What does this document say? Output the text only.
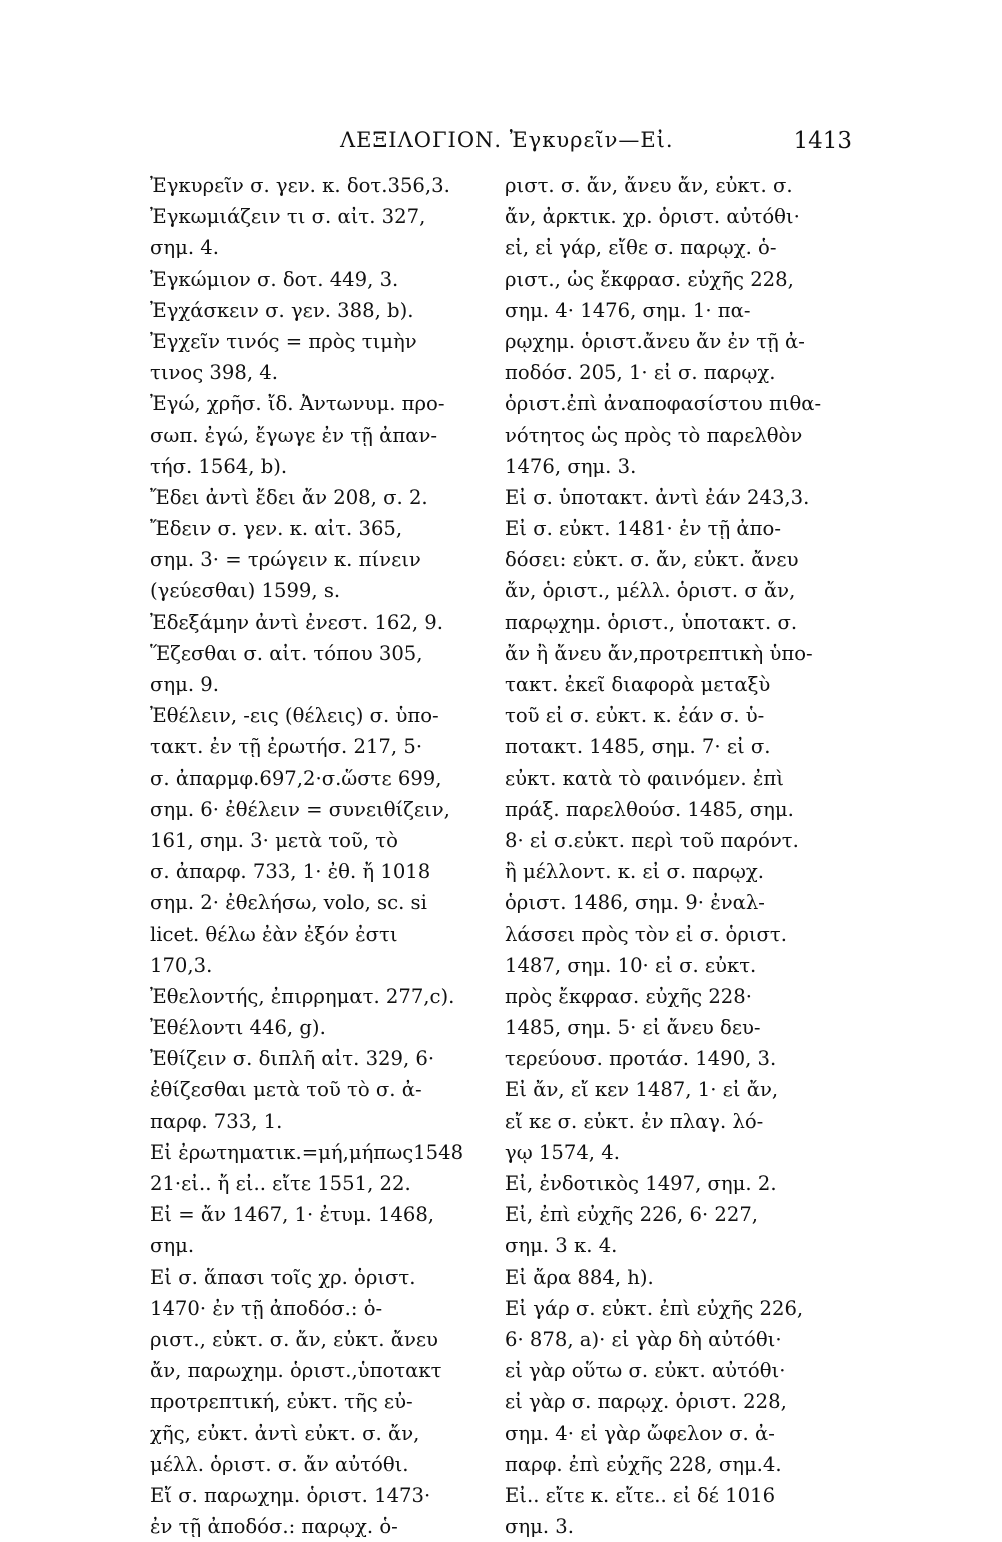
ΛΕΞΙΛΟΓΙΟΝ. Ἐγκυρεῖν—Εἰ.	1413
Ἐγκυρεῖν σ. γεν. κ. δοτ.356,3.
Ἐγκωμιάζειν τι σ. αἰτ. 327,
σημ. 4.
Ἐγκώμιον σ. δοτ. 449, 3.
Ἐγχάσκειν σ. γεν. 388, b).
Ἐγχεῖν τινός = πρὸς τιμὴν
τινος 398, 4.
Ἐγώ, χρῆσ. ἴδ. Ἀντωνυμ. προ-
σωπ. ἐγώ, ἔγωγε ἐν τῇ ἀπαν-
τήσ. 1564, b).
Ἔδει ἀντὶ ἔδει ἄν 208, σ. 2.
Ἔδειν σ. γεν. κ. αἰτ. 365,
σημ. 3· = τρώγειν κ. πίνειν
(γεύεσθαι) 1599, s.
Ἐδεξάμην ἀντὶ ἐνεστ. 162, 9.
Ἕζεσθαι σ. αἰτ. τόπου 305,
σημ. 9.
Ἐθέλειν, -εις (θέλεις) σ. ὑπο-
τακτ. ἐν τῇ ἐρωτήσ. 217, 5·
σ. ἀπαρμφ.697,2·σ.ὥστε 699,
σημ. 6· ἐθέλειν = συνειθίζειν,
161, σημ. 3· μετὰ τοῦ, τὸ
σ. ἀπαρφ. 733, 1· ἐθ. ἤ 1018
σημ. 2· ἐθελήσω, volo, sc. si
licet. θέλω ἐὰν ἐξόν ἐστι
170,3.
Ἐθελοντής, ἐπιρρηματ. 277,c).
Ἐθέλοντι 446, g).
Ἐθίζειν σ. διπλῆ αἰτ. 329, 6·
ἐθίζεσθαι μετὰ τοῦ τὸ σ. ἀ-
παρφ. 733, 1.
Εἰ ἐρωτηματικ.=μή,μήπως1548
21·εἰ.. ἤ εἰ.. εἴτε 1551, 22.
Εἰ = ἄν 1467, 1· ἐτυμ. 1468,
σημ.
Εἰ σ. ἅπασι τοῖς χρ. ὁριστ.
1470· ἐν τῇ ἀποδόσ.: ὁ-
ριστ., εὐκτ. σ. ἄν, εὐκτ. ἄνευ
ἄν, παρωχημ. ὁριστ.,ὑποτακτ
προτρεπτική, εὐκτ. τῆς εὐ-
χῆς, εὐκτ. ἀντὶ εὐκτ. σ. ἄν,
μέλλ. ὁριστ. σ. ἄν αὐτόθι.
Εἴ σ. παρωχημ. ὁριστ. 1473·
ἐν τῇ ἀποδόσ.: παρῳχ. ὁ-
ριστ. σ. ἄν, ἄνευ ἄν, εὐκτ. σ.
ἄν, ἀρκτικ. χρ. ὁριστ. αὐτόθι·
εἰ, εἰ γάρ, εἴθε σ. παρῳχ. ὁ-
ριστ., ὡς ἔκφρασ. εὐχῆς 228,
σημ. 4· 1476, σημ. 1· πα-
ρῳχημ. ὁριστ.ἄνευ ἄν ἐν τῇ ἀ-
ποδόσ. 205, 1· εἰ σ. παρῳχ.
ὁριστ.ἐπὶ ἀναποφασίστου πιθα-
νότητος ὡς πρὸς τὸ παρελθὸν
1476, σημ. 3.
Εἰ σ. ὑποτακτ. ἀντὶ ἐάν 243,3.
Εἰ σ. εὐκτ. 1481· ἐν τῇ ἀπο-
δόσει: εὐκτ. σ. ἄν, εὐκτ. ἄνευ
ἄν, ὁριστ., μέλλ. ὁριστ. σ ἄν,
παρῳχημ. ὁριστ., ὑποτακτ. σ.
ἄν ἢ ἄνευ ἄν,προτρεπτικὴ ὑπο-
τακτ. ἐκεῖ διαφορὰ μεταξὺ
τοῦ εἰ σ. εὐκτ. κ. ἐάν σ. ὑ-
ποτακτ. 1485, σημ. 7· εἰ σ.
εὐκτ. κατὰ τὸ φαινόμεν. ἐπὶ
πράξ. παρελθούσ. 1485, σημ.
8· εἰ σ.εὐκτ. περὶ τοῦ παρόντ.
ἢ μέλλοντ. κ. εἰ σ. παρῳχ.
ὁριστ. 1486, σημ. 9· ἐναλ-
λάσσει πρὸς τὸν εἰ σ. ὁριστ.
1487, σημ. 10· εἰ σ. εὐκτ.
πρὸς ἔκφρασ. εὐχῆς 228·
1485, σημ. 5· εἰ ἄνευ δευ-
τερεύουσ. προτάσ. 1490, 3.
Εἰ ἄν, εἴ κεν 1487, 1· εἰ ἄν,
εἴ κε σ. εὐκτ. ἐν πλαγ. λό-
γῳ 1574, 4.
Εἰ, ἐνδοτικὸς 1497, σημ. 2.
Εἰ, ἐπὶ εὐχῆς 226, 6· 227,
σημ. 3 κ. 4.
Εἰ ἄρα 884, h).
Εἰ γάρ σ. εὐκτ. ἐπὶ εὐχῆς 226,
6· 878, a)· εἰ γὰρ δὴ αὐτόθι·
εἰ γὰρ οὕτω σ. εὐκτ. αὐτόθι·
εἰ γὰρ σ. παρῳχ. ὁριστ. 228,
σημ. 4· εἰ γὰρ ὤφελον σ. ἀ-
παρφ. ἐπὶ εὐχῆς 228, σημ.4.
Εἰ.. εἴτε κ. εἴτε.. εἰ δέ 1016
σημ. 3.
